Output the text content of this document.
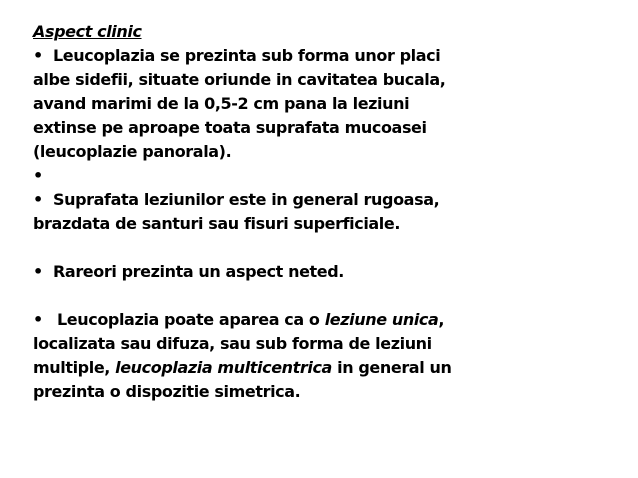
Aspect clinic
• Leucoplazia se prezinta sub forma unor placi
albe sidefii, situate oriunde in cavitatea bucala,
avand marimi de la 0,5-2 cm pana la leziuni
extinse pe aproape toata suprafata mucoasei
(leucoplazie panorala).
•
• Suprafata leziunilor este in general rugoasa,
brazdata de santuri sau fisuri superficiale.
• Rareori prezinta un aspect neted.
• Leucoplazia poate aparea ca o leziune unica,
localizata sau difuza, sau sub forma de leziuni
multiple, leucoplazia multicentrica in general un
prezinta o dispozitie simetrica.
